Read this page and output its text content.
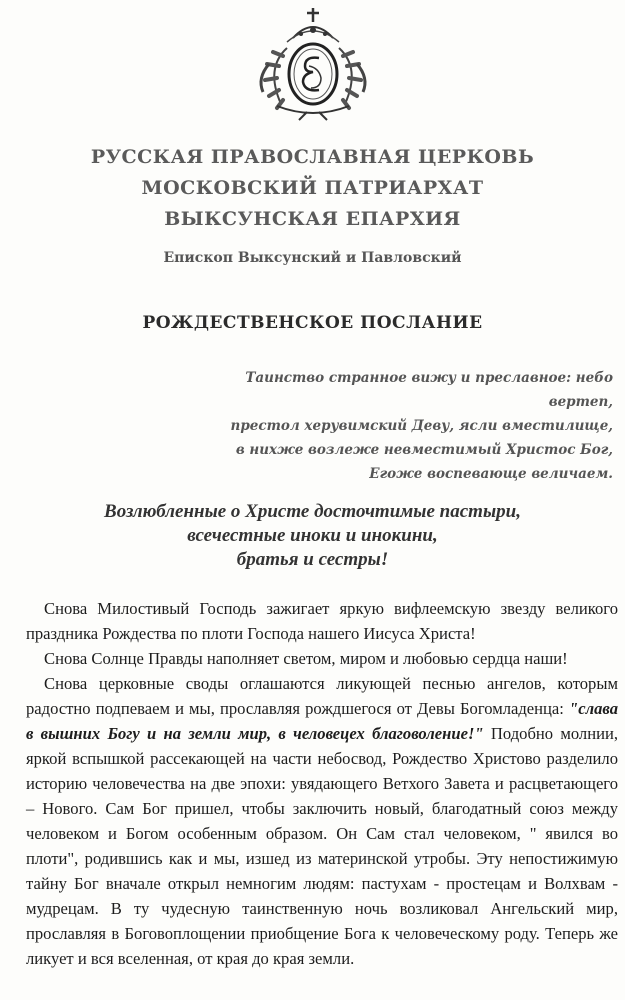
РУССКАЯ ПРАВОСЛАВНАЯ ЦЕРКОВЬ
МОСКОВСКИЙ ПАТРИАРХАТ
ВЫКСУНСКАЯ ЕПАРХИЯ
Епископ Выксунский и Павловский
РОЖДЕСТВЕНСКОЕ ПОСЛАНИЕ
Таинство странное вижу и преславное: небо вертеп,
престол херувимский Деву, ясли вместилище,
в нихже возлеже невместимый Христос Бог,
Егоже воспевающе величаем.
Возлюбленные о Христе досточтимые пастыри,
всечестные иноки и инокини,
братья и сестры!

Снова Милостивый Господь зажигает яркую вифлеемскую звезду великого праздника Рождества по плоти Господа нашего Иисуса Христа!

Снова Солнце Правды наполняет светом, миром и любовью сердца наши!

Снова церковные своды оглашаются ликующей песнью ангелов, которым радостно подпеваем и мы, прославляя рождшегося от Девы Богомладенца: "слава в вышних Богу и на земли мир, в человецех благоволение!" Подобно молнии, яркой вспышкой рассекающей на части небосвод, Рождество Христово разделило историю человечества на две эпохи: увядающего Ветхого Завета и расцветающего – Нового. Сам Бог пришел, чтобы заключить новый, благодатный союз между человеком и Богом особенным образом. Он Сам стал человеком, " явился во плоти", родившись как и мы, изшед из материнской утробы. Эту непостижимую тайну Бог вначале открыл немногим людям: пастухам - простецам и Волхвам - мудрецам. В ту чудесную таинственную ночь возликовал Ангельский мир, прославляя в Боговоплощении приобщение Бога к человеческому роду. Теперь же ликует и вся вселенная, от края до края земли.
